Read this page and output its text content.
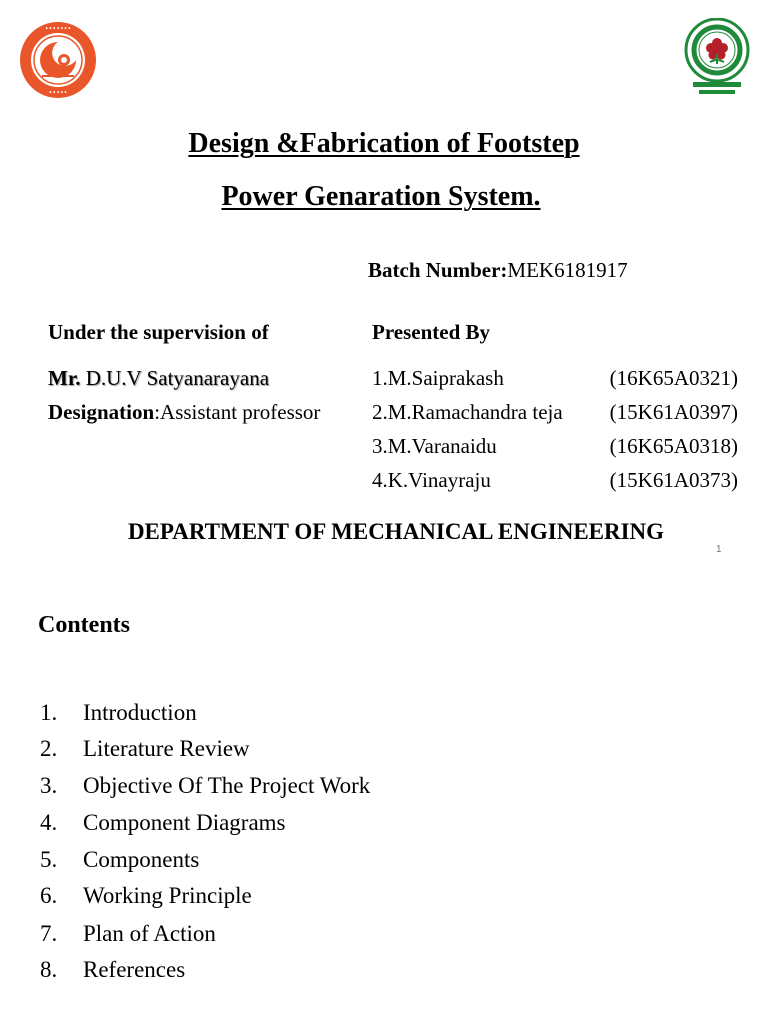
• • • • • • •
• • • • •
Design &Fabrication of Footstep
Power Genaration System.
Batch Number:MEK6181917
Under the supervision of	Presented By
Mr. D.U.V Satyanarayana
Designation:Assistant professor
1.M.Saiprakash	(16K65A0321)
2.M.Ramachandra teja (15K61A0397)
3.M.Varanaidu	(16K65A0318)
4.K.Vinayraju	(15K61A0373)
DEPARTMENT OF MECHANICAL ENGINEERING
1
Contents
1. Introduction
2. Literature Review
3. Objective Of The Project Work
4. Component Diagrams
5. Components
6. Working Principle
7. Plan of Action
8. References
